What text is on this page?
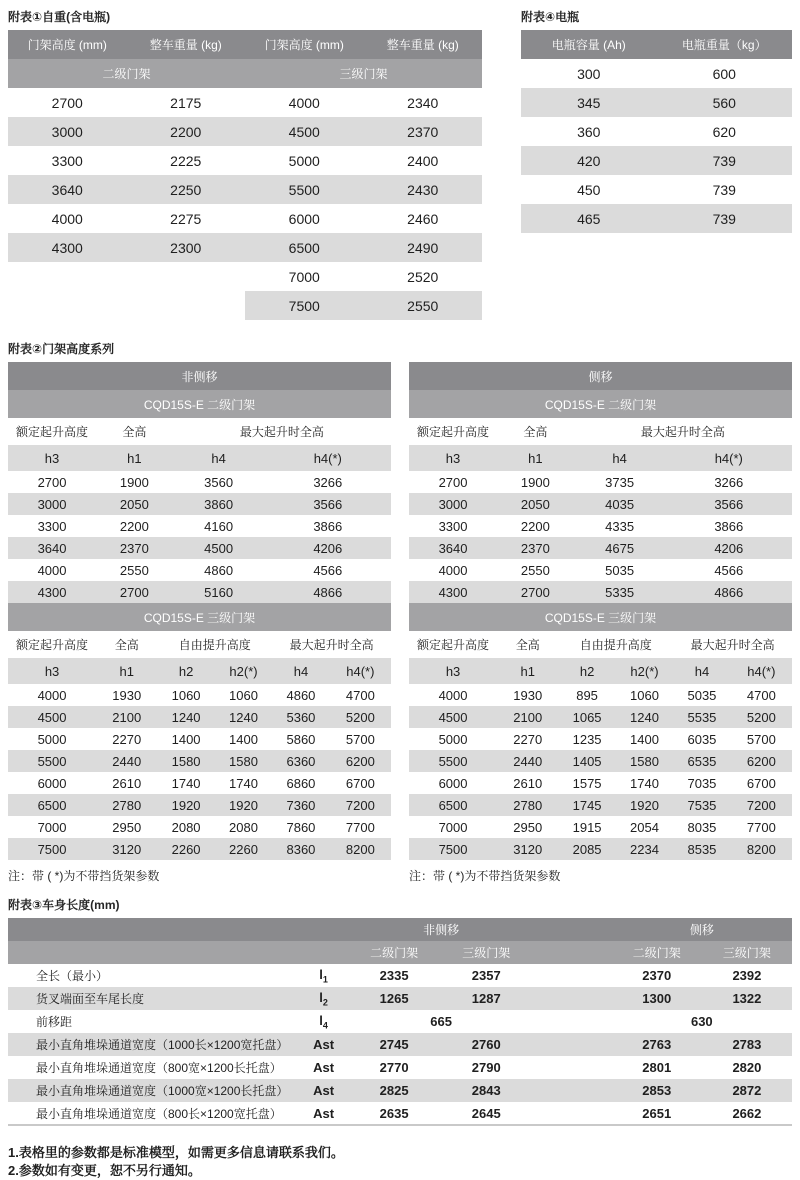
附表①自重(含电瓶)
门架高度 (mm)	整车重量 (kg)	门架高度 (mm)	整车重量 (kg)
二级门架		三级门架	
2700	2175	4000	2340
3000	2200	4500	2370
3300	2225	5000	2400
3640	2250	5500	2430
4000	2275	6000	2460
4300	2300	6500	2490
		7000	2520
		7500	2550
附表④电瓶
电瓶容量 (Ah)	电瓶重量（kg）
300	600
345	560
360	620
420	739
450	739
465	739
附表②门架高度系列
非侧移
CQD15S-E 二级门架
额定起升高度	全高	最大起升时全高	
h3	h1	h4	h4(*)
2700	1900	3560	3266
3000	2050	3860	3566
3300	2200	4160	3866
3640	2370	4500	4206
4000	2550	4860	4566
4300	2700	5160	4866
CQD15S-E 三级门架
额定起升高度	全高	自由提升高度		最大起升时全高	
h3	h1	h2	h2(*)	h4	h4(*)
4000	1930	1060	1060	4860	4700
4500	2100	1240	1240	5360	5200
5000	2270	1400	1400	5860	5700
5500	2440	1580	1580	6360	6200
6000	2610	1740	1740	6860	6700
6500	2780	1920	1920	7360	7200
7000	2950	2080	2080	7860	7700
7500	3120	2260	2260	8360	8200
注：带 ( *)为不带挡货架参数
侧移
CQD15S-E 二级门架
额定起升高度	全高	最大起升时全高	
h3	h1	h4	h4(*)
2700	1900	3735	3266
3000	2050	4035	3566
3300	2200	4335	3866
3640	2370	4675	4206
4000	2550	5035	4566
4300	2700	5335	4866
CQD15S-E 三级门架
额定起升高度	全高	自由提升高度		最大起升时全高	
h3	h1	h2	h2(*)	h4	h4(*)
4000	1930	895	1060	5035	4700
4500	2100	1065	1240	5535	5200
5000	2270	1235	1400	6035	5700
5500	2440	1405	1580	6535	6200
6000	2610	1575	1740	7035	6700
6500	2780	1745	1920	7535	7200
7000	2950	1915	2054	8035	7700
7500	3120	2085	2234	8535	8200
注：带 ( *)为不带挡货架参数
附表③车身长度(mm)
		非侧移			侧移	
		二级门架	三级门架		二级门架	三级门架
全长（最小）	$l_1$	2335	2357		2370	2392
货叉端面至车尾长度	$l_2$	1265	1287		1300	1322
前移距	$l_4$	665			630	
最小直角堆垛通道宽度（1000长×1200宽托盘）	Ast	2745	2760		2763	2783
最小直角堆垛通道宽度（800宽×1200长托盘）	Ast	2770	2790		2801	2820
最小直角堆垛通道宽度（1000宽×1200长托盘）	Ast	2825	2843		2853	2872
最小直角堆垛通道宽度（800长×1200宽托盘）	Ast	2635	2645		2651	2662
1.表格里的参数都是标准模型，如需更多信息请联系我们。
2.参数如有变更，恕不另行通知。
